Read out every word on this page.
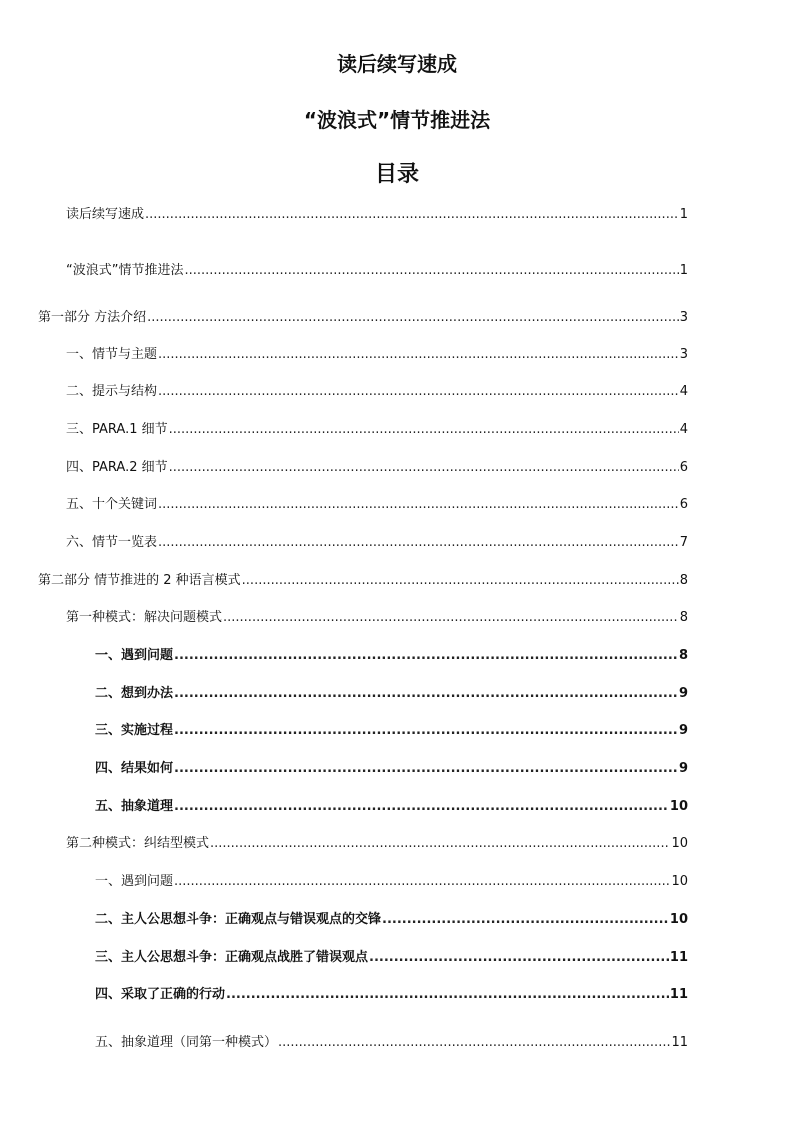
读后续写速成
“波浪式”情节推进法
目录
读后续写速成 .....	1
“波浪式”情节推进法 .....	1
第一部分 方法介绍 .....	3
一、情节与主题 .....	3
二、提示与结构 .....	4
三、PARA.1 细节 .....	4
四、PARA.2 细节 .....	6
五、十个关键词 .....	6
六、情节一览表 .....	7
第二部分 情节推进的 2 种语言模式 .....	8
第一种模式：解决问题模式 .....	8
一、遇到问题 .....	8
二、想到办法 .....	9
三、实施过程 .....	9
四、结果如何 .....	9
五、抽象道理 .....	10
第二种模式：纠结型模式 .....	10
一、遇到问题 .....	10
二、主人公思想斗争：正确观点与错误观点的交锋 .....	10
三、主人公思想斗争：正确观点战胜了错误观点 .....	11
四、采取了正确的行动 .....	11
五、抽象道理（同第一种模式） .....	11
